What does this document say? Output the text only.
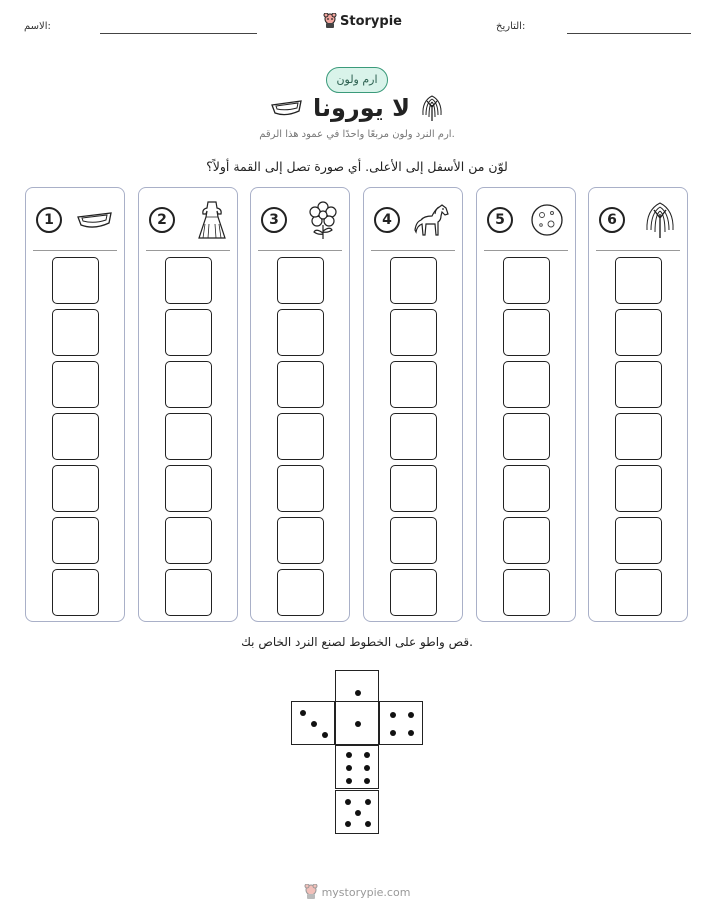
الاسم:	Storypie	التاريخ:
ارم ولون
لا يورونا
ارم النرد ولون مربعًا واحدًا في عمود هذا الرقم.
لوّن من الأسفل إلى الأعلى. أي صورة تصل إلى القمة أولاً؟
1	2	3	4	5	6
قص واطو على الخطوط لصنع النرد الخاص بك.
mystorypie.com
